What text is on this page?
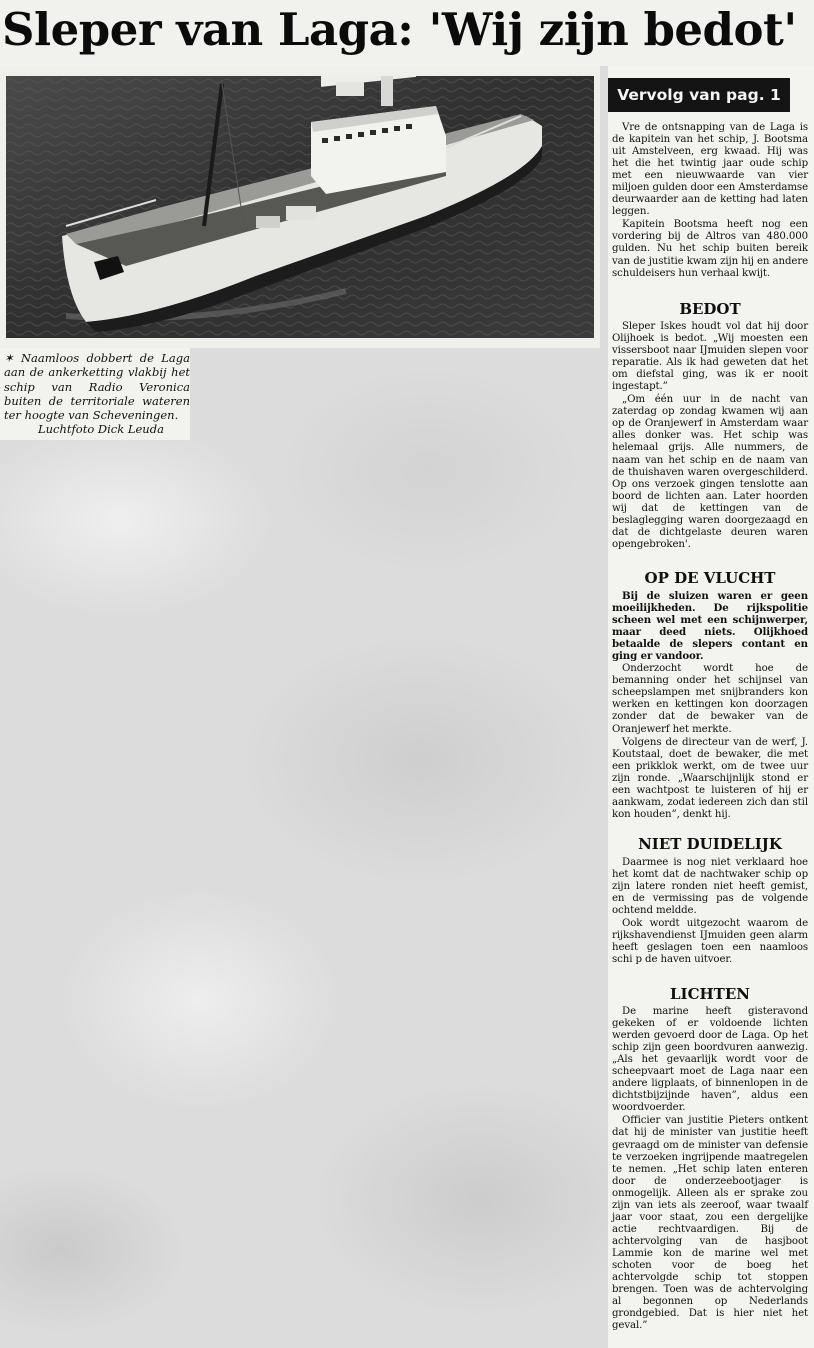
Sleper van Laga: 'Wij zijn bedot'

✶ Naamloos dobbert de Laga aan de ankerketting vlakbij het schip van Radio Veronica buiten de territoriale wateren ter hoogte van Scheveningen.

Luchtfoto Dick Leuda

Vervolg van pag. 1

Vre de ontsnapping van de Laga is de kapitein van het schip, J. Bootsma uit Amstelveen, erg kwaad. Hij was het die het twintig jaar oude schip met een nieuwwaarde van vier miljoen gulden door een Amsterdamse deurwaarder aan de ketting had laten leggen.

Kapitein Bootsma heeft nog een vordering bij de Altros van 480.000 gulden. Nu het schip buiten bereik van de justitie kwam zijn hij en andere schuldeisers hun verhaal kwijt.

BEDOT

Sleper Iskes houdt vol dat hij door Olijhoek is bedot. „Wij moesten een vissersboot naar IJmuiden slepen voor reparatie. Als ik had geweten dat het om diefstal ging, was ik er nooit ingestapt.”

„Om één uur in de nacht van zaterdag op zondag kwamen wij aan op de Oranjewerf in Amsterdam waar alles donker was. Het schip was helemaal grijs. Alle nummers, de naam van het schip en de naam van de thuishaven waren overgeschilderd. Op ons verzoek gingen tenslotte aan boord de lichten aan. Later hoorden wij dat de kettingen van de beslaglegging waren doorgezaagd en dat de dichtgelaste deuren waren opengebroken'.

OP DE VLUCHT

Bij de sluizen waren er geen moeilijkheden. De rijkspolitie scheen wel met een schijnwerper, maar deed niets. Olijkhoed betaalde de slepers contant en ging er vandoor.

Onderzocht wordt hoe de bemanning onder het schijnsel van scheepslampen met snijbranders kon werken en kettingen kon doorzagen zonder dat de bewaker van de Oranjewerf het merkte.

Volgens de directeur van de werf, J. Koutstaal, doet de bewaker, die met een prikklok werkt, om de twee uur zijn ronde. „Waarschijnlijk stond er een wachtpost te luisteren of hij er aankwam, zodat iedereen zich dan stil kon houden”, denkt hij.

NIET DUIDELIJK

Daarmee is nog niet verklaard hoe het komt dat de nachtwaker schip op zijn latere ronden niet heeft gemist, en de vermissing pas de volgende ochtend meldde.

Ook wordt uitgezocht waarom de rijkshavendienst IJmuiden geen alarm heeft geslagen toen een naamloos schi p de haven uitvoer.

LICHTEN

De marine heeft gisteravond gekeken of er voldoende lichten werden gevoerd door de Laga. Op het schip zijn geen boordvuren aanwezig. „Als het gevaarlijk wordt voor de scheepvaart moet de Laga naar een andere ligplaats, of binnenlopen in de dichtstbijzijnde haven”, aldus een woordvoerder.

Officier van justitie Pieters ontkent dat hij de minister van justitie heeft gevraagd om de minister van defensie te verzoeken ingrijpende maatregelen te nemen. „Het schip laten enteren door de onderzeebootjager is onmogelijk. Alleen als er sprake zou zijn van iets als zeeroof, waar twaalf jaar voor staat, zou een dergelijke actie rechtvaardigen. Bij de achtervolging van de hasjboot Lammie kon de marine wel met schoten voor de boeg het achtervolgde schip tot stoppen brengen. Toen was de achtervolging al begonnen op Nederlands grondgebied. Dat is hier niet het geval.”
